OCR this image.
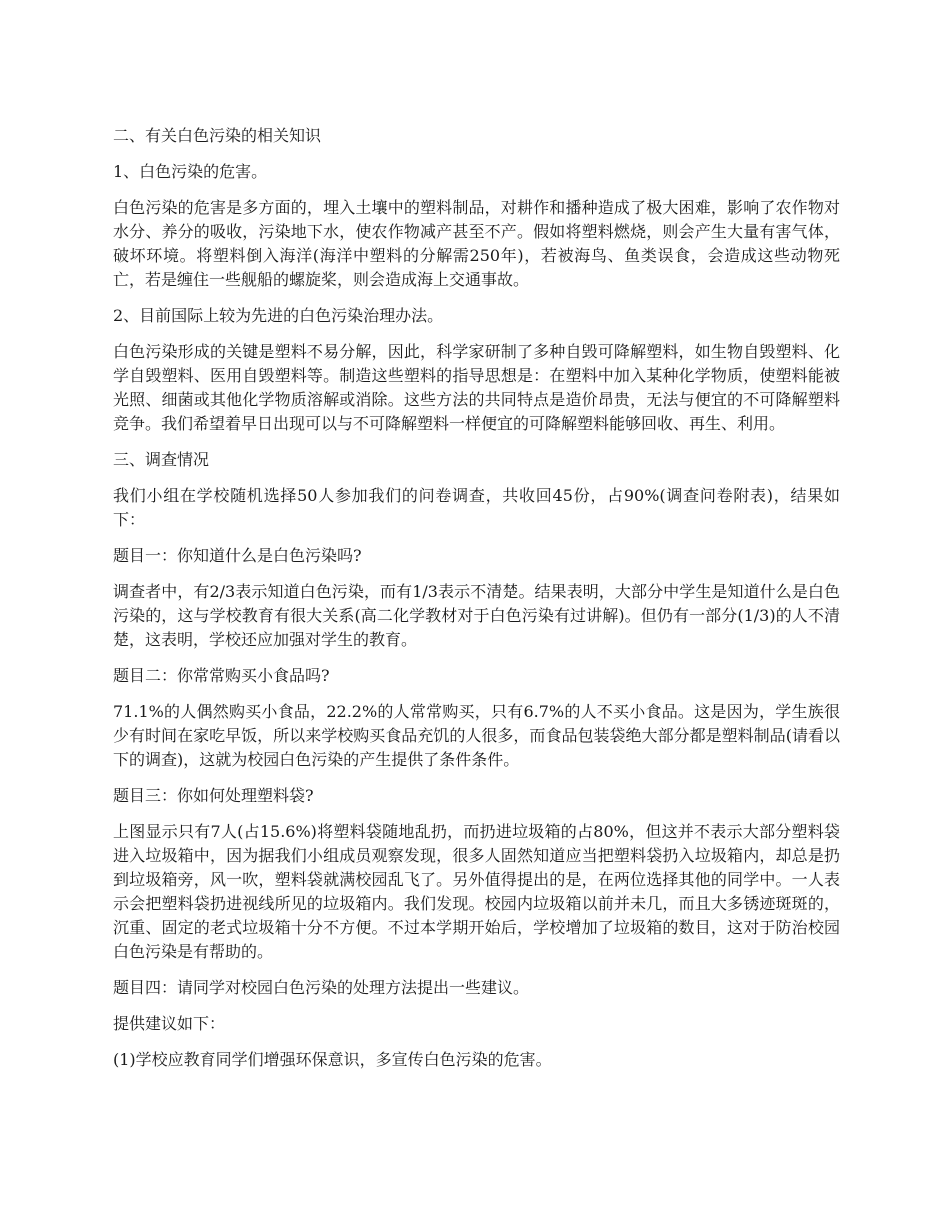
二、有关白色污染的相关知识

1、白色污染的危害。

白色污染的危害是多方面的，埋入土壤中的塑料制品，对耕作和播种造成了极大困难，影响了农作物对水分、养分的吸收，污染地下水，使农作物减产甚至不产。假如将塑料燃烧，则会产生大量有害气体，破坏环境。将塑料倒入海洋(海洋中塑料的分解需250年)，若被海鸟、鱼类误食，会造成这些动物死亡，若是缠住一些舰船的螺旋桨，则会造成海上交通事故。

2、目前国际上较为先进的白色污染治理办法。

白色污染形成的关键是塑料不易分解，因此，科学家研制了多种自毁可降解塑料，如生物自毁塑料、化学自毁塑料、医用自毁塑料等。制造这些塑料的指导思想是：在塑料中加入某种化学物质，使塑料能被光照、细菌或其他化学物质溶解或消除。这些方法的共同特点是造价昂贵，无法与便宜的不可降解塑料竞争。我们希望着早日出现可以与不可降解塑料一样便宜的可降解塑料能够回收、再生、利用。

三、调查情况

我们小组在学校随机选择50人参加我们的问卷调查，共收回45份，占90%(调查问卷附表)，结果如下：

题目一：你知道什么是白色污染吗?

调查者中，有2/3表示知道白色污染，而有1/3表示不清楚。结果表明，大部分中学生是知道什么是白色污染的，这与学校教育有很大关系(高二化学教材对于白色污染有过讲解)。但仍有一部分(1/3)的人不清楚，这表明，学校还应加强对学生的教育。

题目二：你常常购买小食品吗?

71.1%的人偶然购买小食品，22.2%的人常常购买，只有6.7%的人不买小食品。这是因为，学生族很少有时间在家吃早饭，所以来学校购买食品充饥的人很多，而食品包装袋绝大部分都是塑料制品(请看以下的调查)，这就为校园白色污染的产生提供了条件条件。

题目三：你如何处理塑料袋?

上图显示只有7人(占15.6%)将塑料袋随地乱扔，而扔进垃圾箱的占80%，但这并不表示大部分塑料袋进入垃圾箱中，因为据我们小组成员观察发现，很多人固然知道应当把塑料袋扔入垃圾箱内，却总是扔到垃圾箱旁，风一吹，塑料袋就满校园乱飞了。另外值得提出的是，在两位选择其他的同学中。一人表示会把塑料袋扔进视线所见的垃圾箱内。我们发现。校园内垃圾箱以前并未几，而且大多锈迹斑斑的，沉重、固定的老式垃圾箱十分不方便。不过本学期开始后，学校增加了垃圾箱的数目，这对于防治校园白色污染是有帮助的。

题目四：请同学对校园白色污染的处理方法提出一些建议。

提供建议如下：

(1)学校应教育同学们增强环保意识，多宣传白色污染的危害。
